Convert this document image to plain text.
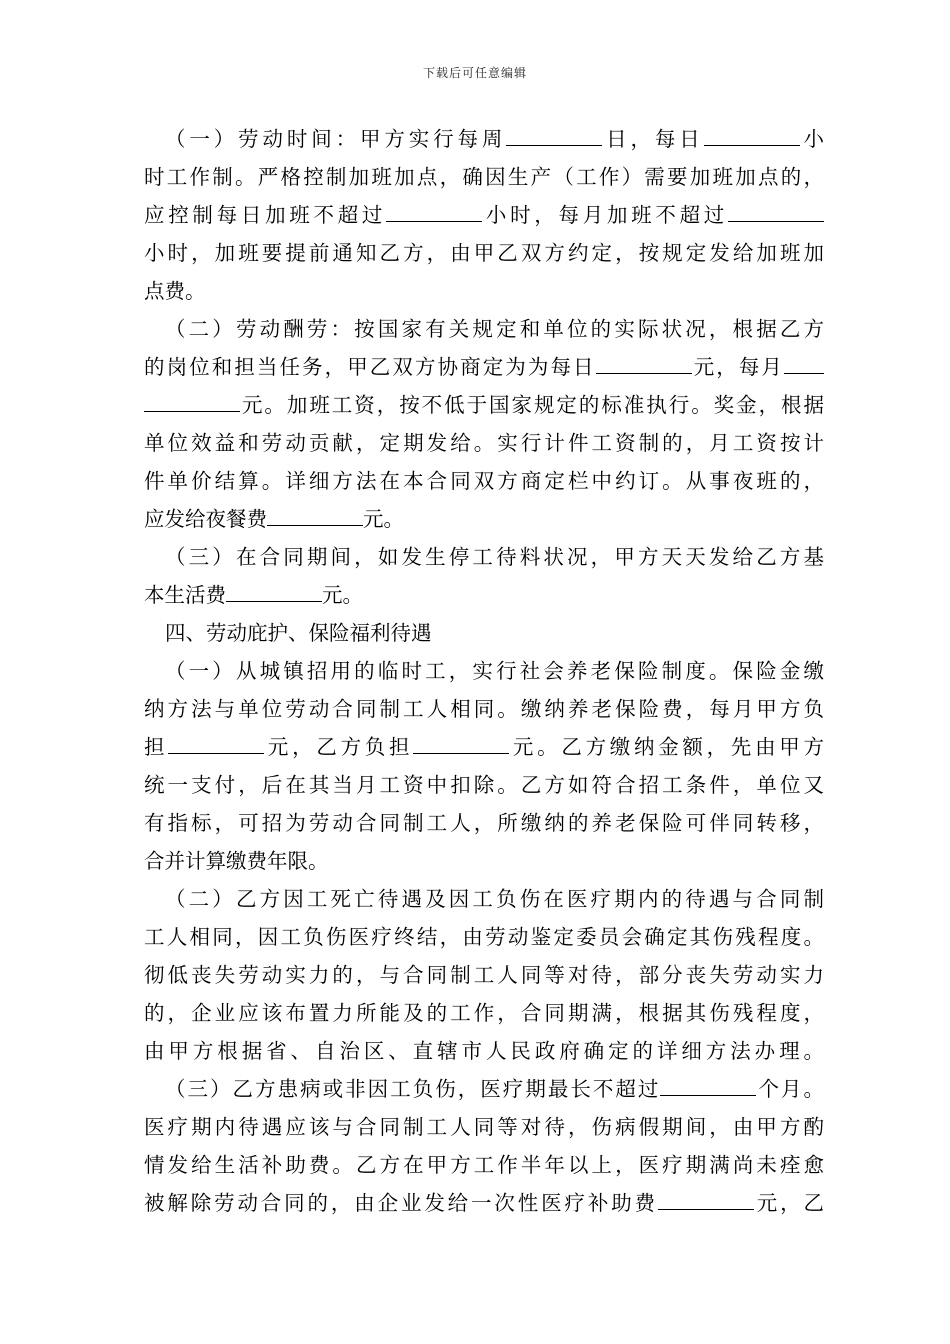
下载后可任意编辑
（一）劳动时间：甲方实行每周	日，每日	小
时工作制。严格控制加班加点，确因生产（工作）需要加班加点的，
应控制每日加班不超过	小时，每月加班不超过
小时，加班要提前通知乙方，由甲乙双方约定，按规定发给加班加
点费。
（二）劳动酬劳：按国家有关规定和单位的实际状况，根据乙方
的岗位和担当任务，甲乙双方协商定为为每日	元，每月
元。加班工资，按不低于国家规定的标准执行。奖金，根据
单位效益和劳动贡献，定期发给。实行计件工资制的，月工资按计
件单价结算。详细方法在本合同双方商定栏中约订。从事夜班的，
应发给夜餐费	元。
（三）在合同期间，如发生停工待料状况，甲方天天发给乙方基
本生活费	元。
四、劳动庇护、保险福利待遇
（一）从城镇招用的临时工，实行社会养老保险制度。保险金缴
纳方法与单位劳动合同制工人相同。缴纳养老保险费，每月甲方负
担	元，乙方负担	元。乙方缴纳金额，先由甲方
统一支付，后在其当月工资中扣除。乙方如符合招工条件，单位又
有指标，可招为劳动合同制工人，所缴纳的养老保险可伴同转移，
合并计算缴费年限。
（二）乙方因工死亡待遇及因工负伤在医疗期内的待遇与合同制
工人相同，因工负伤医疗终结，由劳动鉴定委员会确定其伤残程度。
彻低丧失劳动实力的，与合同制工人同等对待，部分丧失劳动实力
的，企业应该布置力所能及的工作，合同期满，根据其伤残程度，
由甲方根据省、自治区、直辖市人民政府确定的详细方法办理。
（三）乙方患病或非因工负伤，医疗期最长不超过	个月。
医疗期内待遇应该与合同制工人同等对待，伤病假期间，由甲方酌
情发给生活补助费。乙方在甲方工作半年以上，医疗期满尚未痊愈
被解除劳动合同的，由企业发给一次性医疗补助费	元，乙
